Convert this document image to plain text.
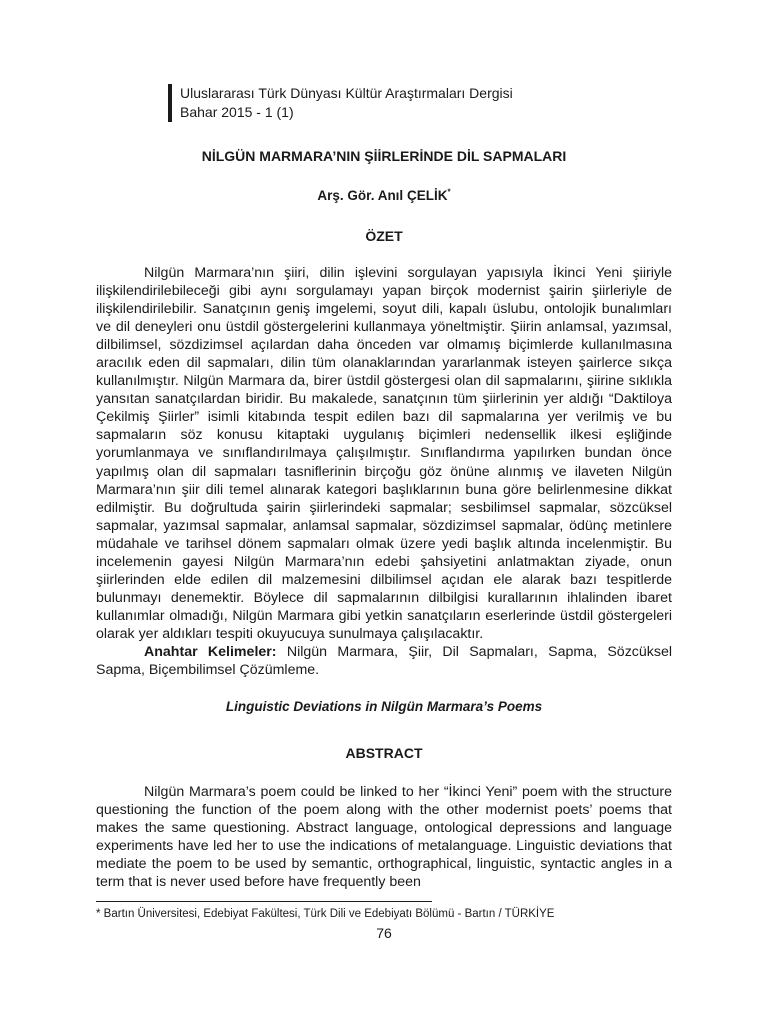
Uluslararası Türk Dünyası Kültür Araştırmaları Dergisi
Bahar 2015 - 1 (1)
NİLGÜN MARMARA’NIN ŞİİRLERİNDE DİL SAPMALARI
Arş. Gör. Anıl ÇELİK*
ÖZET

Nilgün Marmara’nın şiiri, dilin işlevini sorgulayan yapısıyla İkinci Yeni şiiriyle ilişkilendirilebileceği gibi aynı sorgulamayı yapan birçok modernist şairin şiirleriyle de ilişkilendirilebilir. Sanatçının geniş imgelemi, soyut dili, kapalı üslubu, ontolojik bunalımları ve dil deneyleri onu üstdil göstergelerini kullanmaya yöneltmiştir. Şiirin anlamsal, yazımsal, dilbilimsel, sözdizimsel açılardan daha önceden var olmamış biçimlerde kullanılmasına aracılık eden dil sapmaları, dilin tüm olanaklarından yararlanmak isteyen şairlerce sıkça kullanılmıştır. Nilgün Marmara da, birer üstdil göstergesi olan dil sapmalarını, şiirine sıklıkla yansıtan sanatçılardan biridir. Bu makalede, sanatçının tüm şiirlerinin yer aldığı “Daktiloya Çekilmiş Şiirler” isimli kitabında tespit edilen bazı dil sapmalarına yer verilmiş ve bu sapmaların söz konusu kitaptaki uygulanış biçimleri nedensellik ilkesi eşliğinde yorumlanmaya ve sınıflandırılmaya çalışılmıştır. Sınıflandırma yapılırken bundan önce yapılmış olan dil sapmaları tasniflerinin birçoğu göz önüne alınmış ve ilaveten Nilgün Marmara’nın şiir dili temel alınarak kategori başlıklarının buna göre belirlenmesine dikkat edilmiştir. Bu doğrultuda şairin şiirlerindeki sapmalar; sesbilimsel sapmalar, sözcüksel sapmalar, yazımsal sapmalar, anlamsal sapmalar, sözdizimsel sapmalar, ödünç metinlere müdahale ve tarihsel dönem sapmaları olmak üzere yedi başlık altında incelenmiştir. Bu incelemenin gayesi Nilgün Marmara’nın edebi şahsiyetini anlatmaktan ziyade, onun şiirlerinden elde edilen dil malzemesini dilbilimsel açıdan ele alarak bazı tespitlerde bulunmayı denemektir. Böylece dil sapmalarının dilbilgisi kurallarının ihlalinden ibaret kullanımlar olmadığı, Nilgün Marmara gibi yetkin sanatçıların eserlerinde üstdil göstergeleri olarak yer aldıkları tespiti okuyucuya sunulmaya çalışılacaktır.

Anahtar Kelimeler: Nilgün Marmara, Şiir, Dil Sapmaları, Sapma, Sözcüksel Sapma, Biçembilimsel Çözümleme.

Linguistic Deviations in Nilgün Marmara’s Poems
ABSTRACT

Nilgün Marmara’s poem could be linked to her “İkinci Yeni” poem with the structure questioning the function of the poem along with the other modernist poets’ poems that makes the same questioning. Abstract language, ontological depressions and language experiments have led her to use the indications of metalanguage. Linguistic deviations that mediate the poem to be used by semantic, orthographical, linguistic, syntactic angles in a term that is never used before have frequently been

* Bartın Üniversitesi, Edebiyat Fakültesi, Türk Dili ve Edebiyatı Bölümü - Bartın / TÜRKİYE
76
